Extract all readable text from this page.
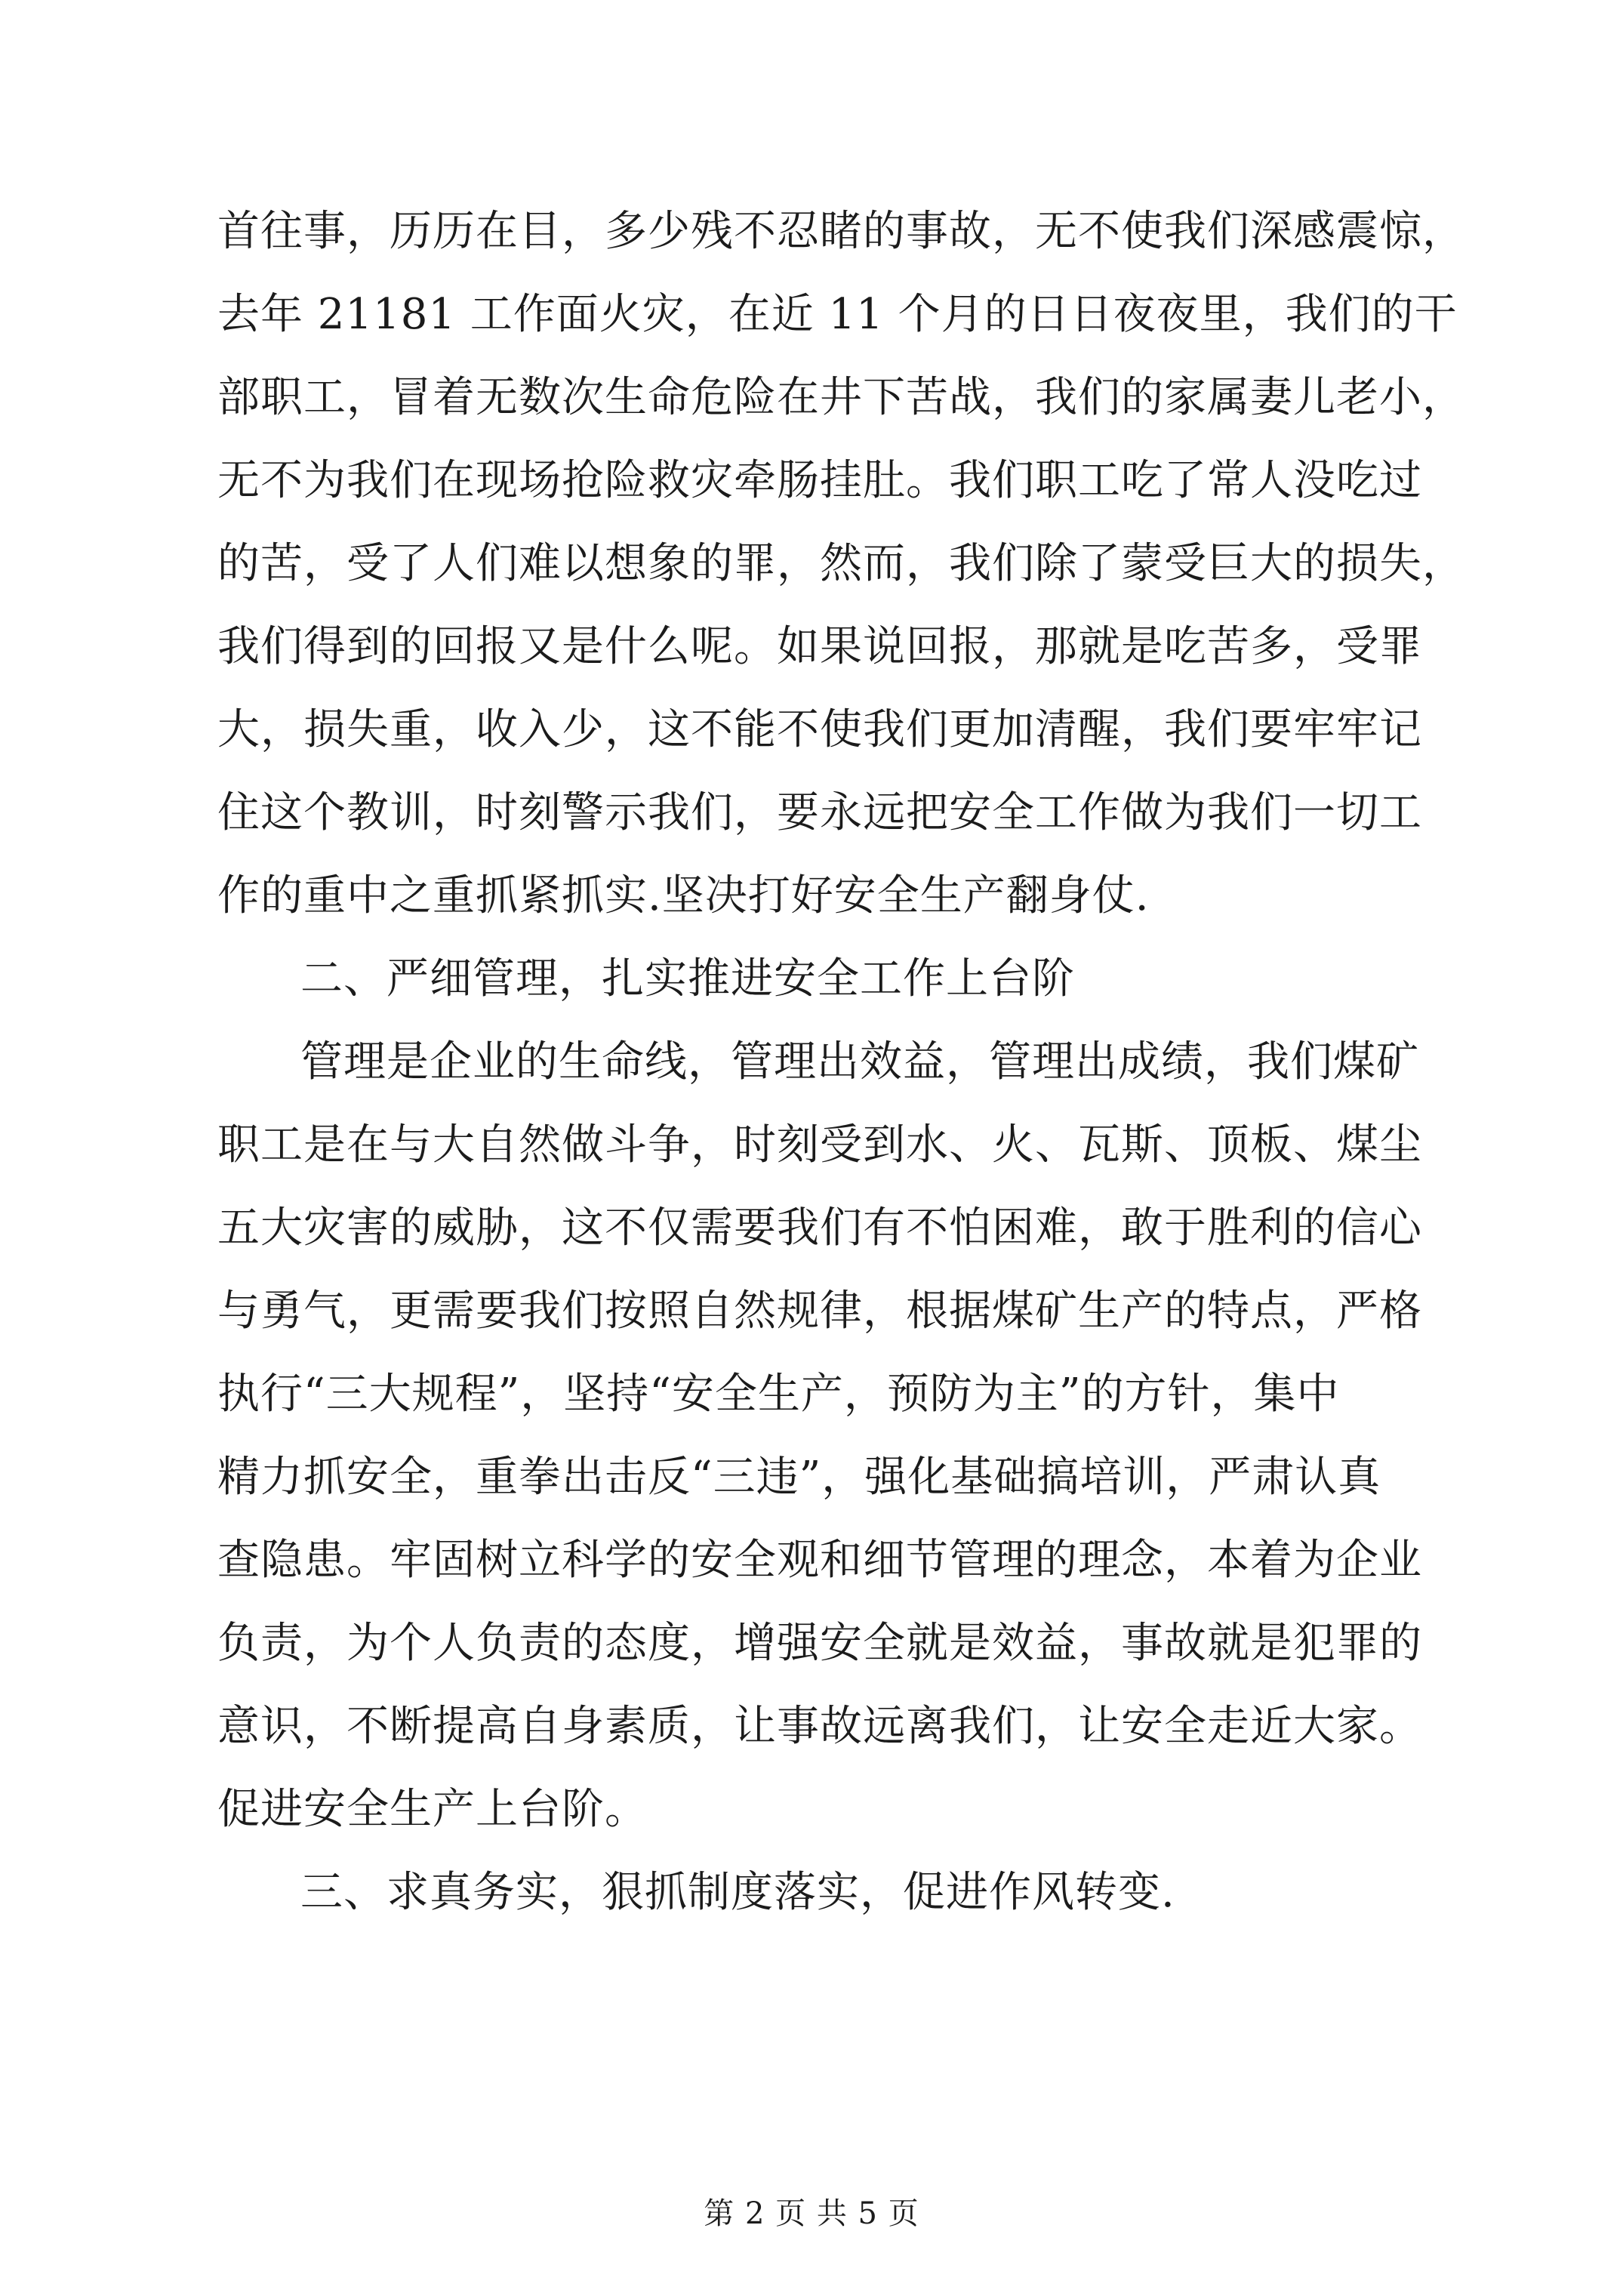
首往事，历历在目，多少残不忍睹的事故，无不使我们深感震惊，
去年 21181 工作面火灾，在近 11 个月的日日夜夜里，我们的干
部职工，冒着无数次生命危险在井下苦战，我们的家属妻儿老小，
无不为我们在现场抢险救灾牵肠挂肚。我们职工吃了常人没吃过
的苦，受了人们难以想象的罪，然而，我们除了蒙受巨大的损失，
我们得到的回报又是什么呢。如果说回报，那就是吃苦多，受罪
大，损失重，收入少，这不能不使我们更加清醒，我们要牢牢记
住这个教训，时刻警示我们，要永远把安全工作做为我们一切工
作的重中之重抓紧抓实.坚决打好安全生产翻身仗.
二、严细管理，扎实推进安全工作上台阶
管理是企业的生命线，管理出效益，管理出成绩，我们煤矿
职工是在与大自然做斗争，时刻受到水、火、瓦斯、顶板、煤尘
五大灾害的威胁，这不仅需要我们有不怕困难，敢于胜利的信心
与勇气，更需要我们按照自然规律，根据煤矿生产的特点，严格
执行“三大规程”，坚持“安全生产，预防为主”的方针，集中
精力抓安全，重拳出击反“三违”，强化基础搞培训，严肃认真
查隐患。牢固树立科学的安全观和细节管理的理念，本着为企业
负责，为个人负责的态度，增强安全就是效益，事故就是犯罪的
意识，不断提高自身素质，让事故远离我们，让安全走近大家。
促进安全生产上台阶。
三、求真务实，狠抓制度落实，促进作风转变.
第 2 页 共 5 页
